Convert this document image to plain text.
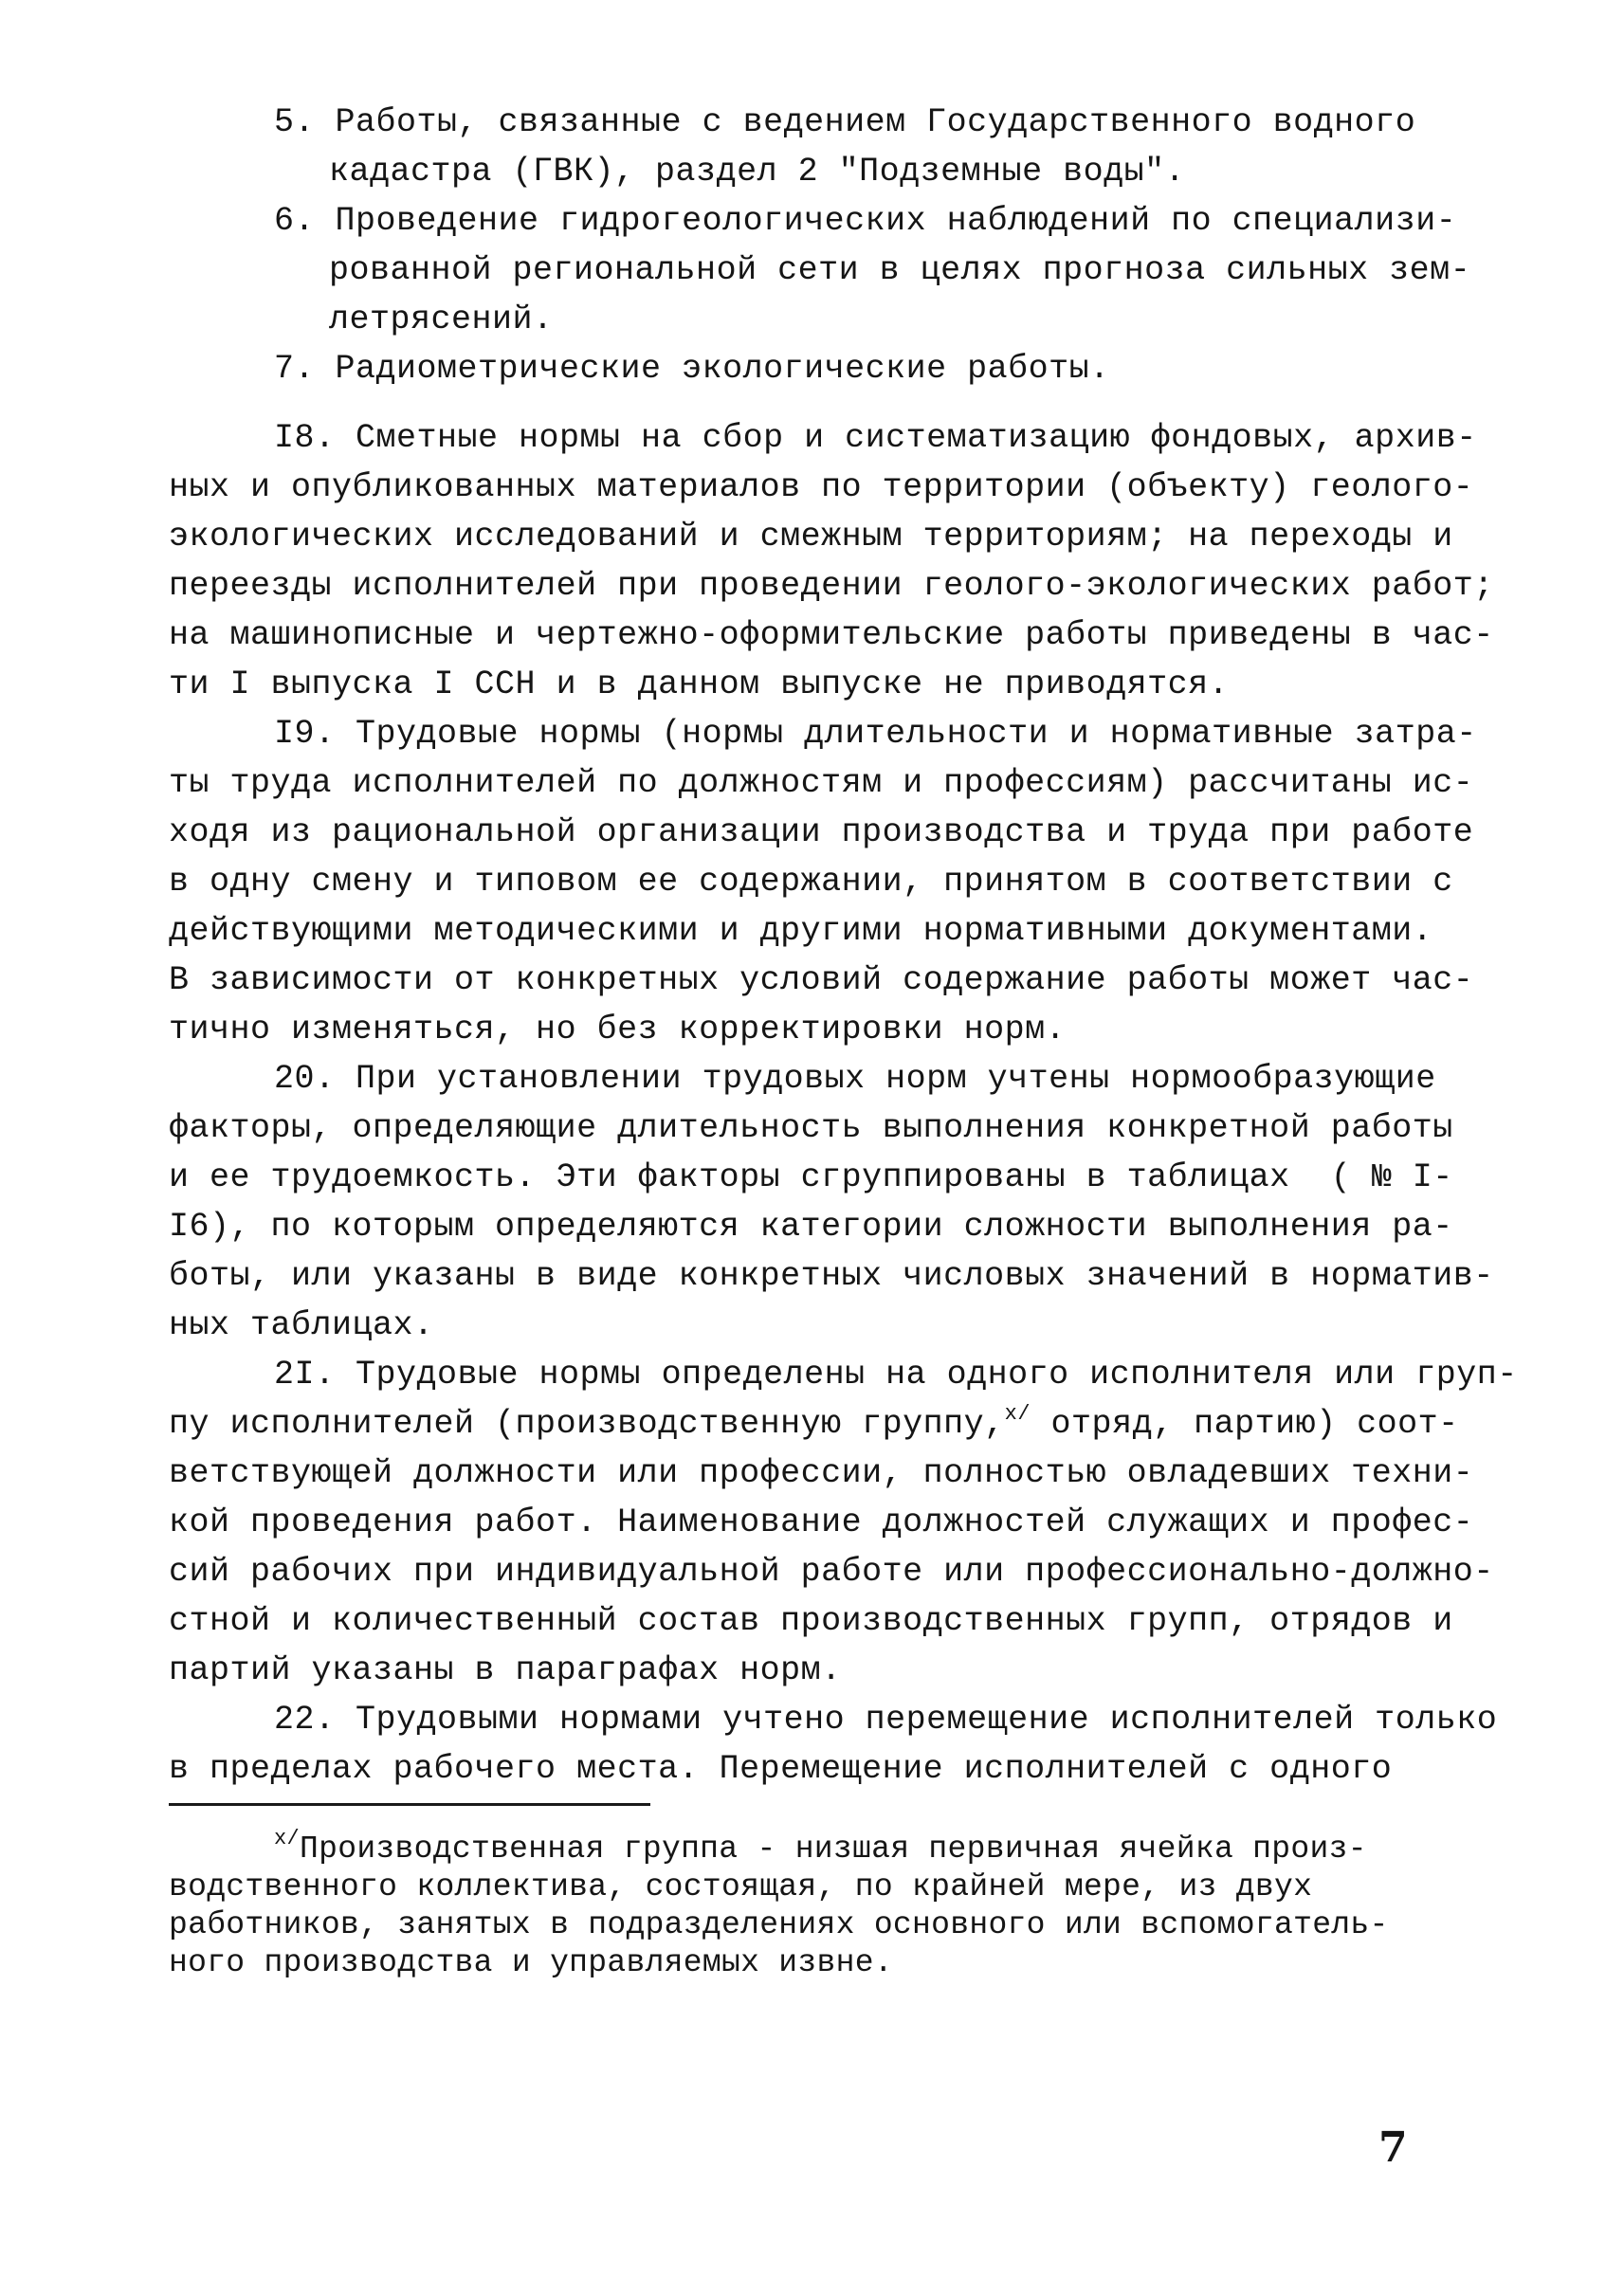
5. Работы, связанные с ведением Государственного водного
кадастра (ГВК), раздел 2 "Подземные воды".
6. Проведение гидрогеологических наблюдений по специализи-
рованной региональной сети в целях прогноза сильных зем-
летрясений.
7. Радиометрические экологические работы.
I8. Сметные нормы на сбор и систематизацию фондовых, архив-
ных и опубликованных материалов по территории (объекту) геолого-
экологических исследований и смежным территориям; на переходы и
переезды исполнителей при проведении геолого-экологических работ;
на машинописные и чертежно-оформительские работы приведены в час-
ти I выпуска I ССН и в данном выпуске не приводятся.
I9. Трудовые нормы (нормы длительности и нормативные затра-
ты труда исполнителей по должностям и профессиям) рассчитаны ис-
ходя из рациональной организации производства и труда при работе
в одну смену и типовом ее содержании, принятом в соответствии с
действующими методическими и другими нормативными документами.
В зависимости от конкретных условий содержание работы может час-
тично изменяться, но без корректировки норм.
20. При установлении трудовых норм учтены нормообразующие
факторы, определяющие длительность выполнения конкретной работы
и ее трудоемкость. Эти факторы сгруппированы в таблицах  ( № I-
I6), по которым определяются категории сложности выполнения ра-
боты, или указаны в виде конкретных числовых значений в норматив-
ных таблицах.
2I. Трудовые нормы определены на одного исполнителя или груп-
пу исполнителей (производственную группу,$^{х/}$ отряд, партию) соот-
ветствующей должности или профессии, полностью овладевших техни-
кой проведения работ. Наименование должностей служащих и профес-
сий рабочих при индивидуальной работе или профессионально-должно-
стной и количественный состав производственных групп, отрядов и
партий указаны в параграфах норм.
22. Трудовыми нормами учтено перемещение исполнителей только
в пределах рабочего места. Перемещение исполнителей с одного
$^{х/}$Производственная группа - низшая первичная ячейка произ-
водственного коллектива, состоящая, по крайней мере, из двух
работников, занятых в подразделениях основного или вспомогатель-
ного производства и управляемых извне.
7
